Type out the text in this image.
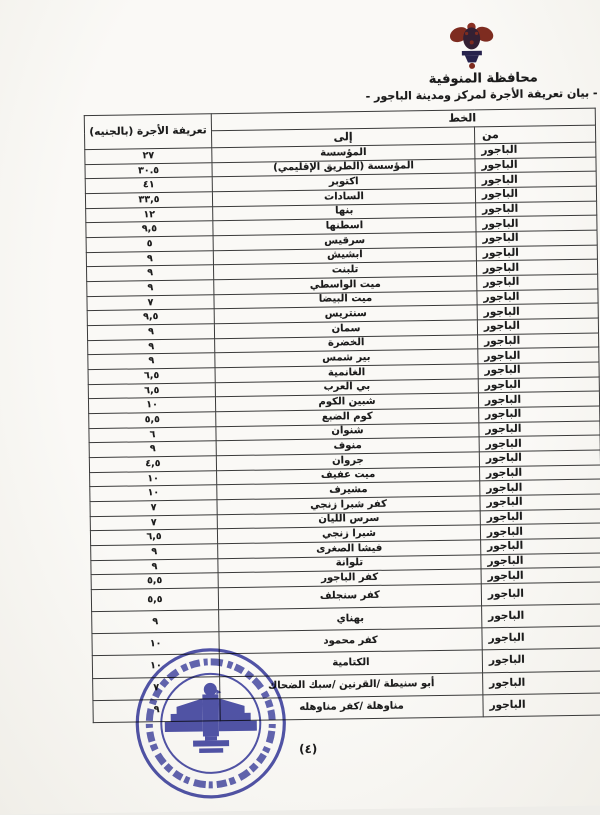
محافظة المنوفية
- بيان تعريفة الأجرة لمركز ومدينة الباجور -
الخط		تعريفة الأجرة (بالجنيه)
من	إلى	
الباجور	المؤسسة	٢٧
الباجور	المؤسسة (الطريق الإقليمي)	٣٠.٥
الباجور	اكتوبر	٤١
الباجور	السادات	٣٣,٥
الباجور	بنها	١٢
الباجور	اسطنها	٩,٥
الباجور	سرقيس	٥
الباجور	ابشيش	٩
الباجور	تلبنت	٩
الباجور	ميت الواسطي	٩
الباجور	ميت البيضا	٧
الباجور	سنتريس	٩,٥
الباجور	سمان	٩
الباجور	الخضرة	٩
الباجور	بير شمس	٩
الباجور	الغانمية	٦,٥
الباجور	بي العرب	٦,٥
الباجور	شبين الكوم	١٠
الباجور	كوم الضبع	٥,٥
الباجور	شنوان	٦
الباجور	منوف	٩
الباجور	جروان	٤,٥
الباجور	ميت عفيف	١٠
الباجور	مشيرف	١٠
الباجور	كفر شبرا زنجي	٧
الباجور	سرس الليان	٧
الباجور	شبرا زنجي	٦,٥
الباجور	فيشا الصغرى	٩
الباجور	تلوانة	٩
الباجور	كفر الباجور	٥,٥
الباجور	كفر سنجلف	٥,٥
الباجور	بهناي	٩
الباجور	كفر محمود	١٠
الباجور	الكتامية	١٠
الباجور	أبو سنيطة /القرنين /سبك الضحاك	٧
الباجور	مناوهلة /كفر مناوهله	٩
(٤)
